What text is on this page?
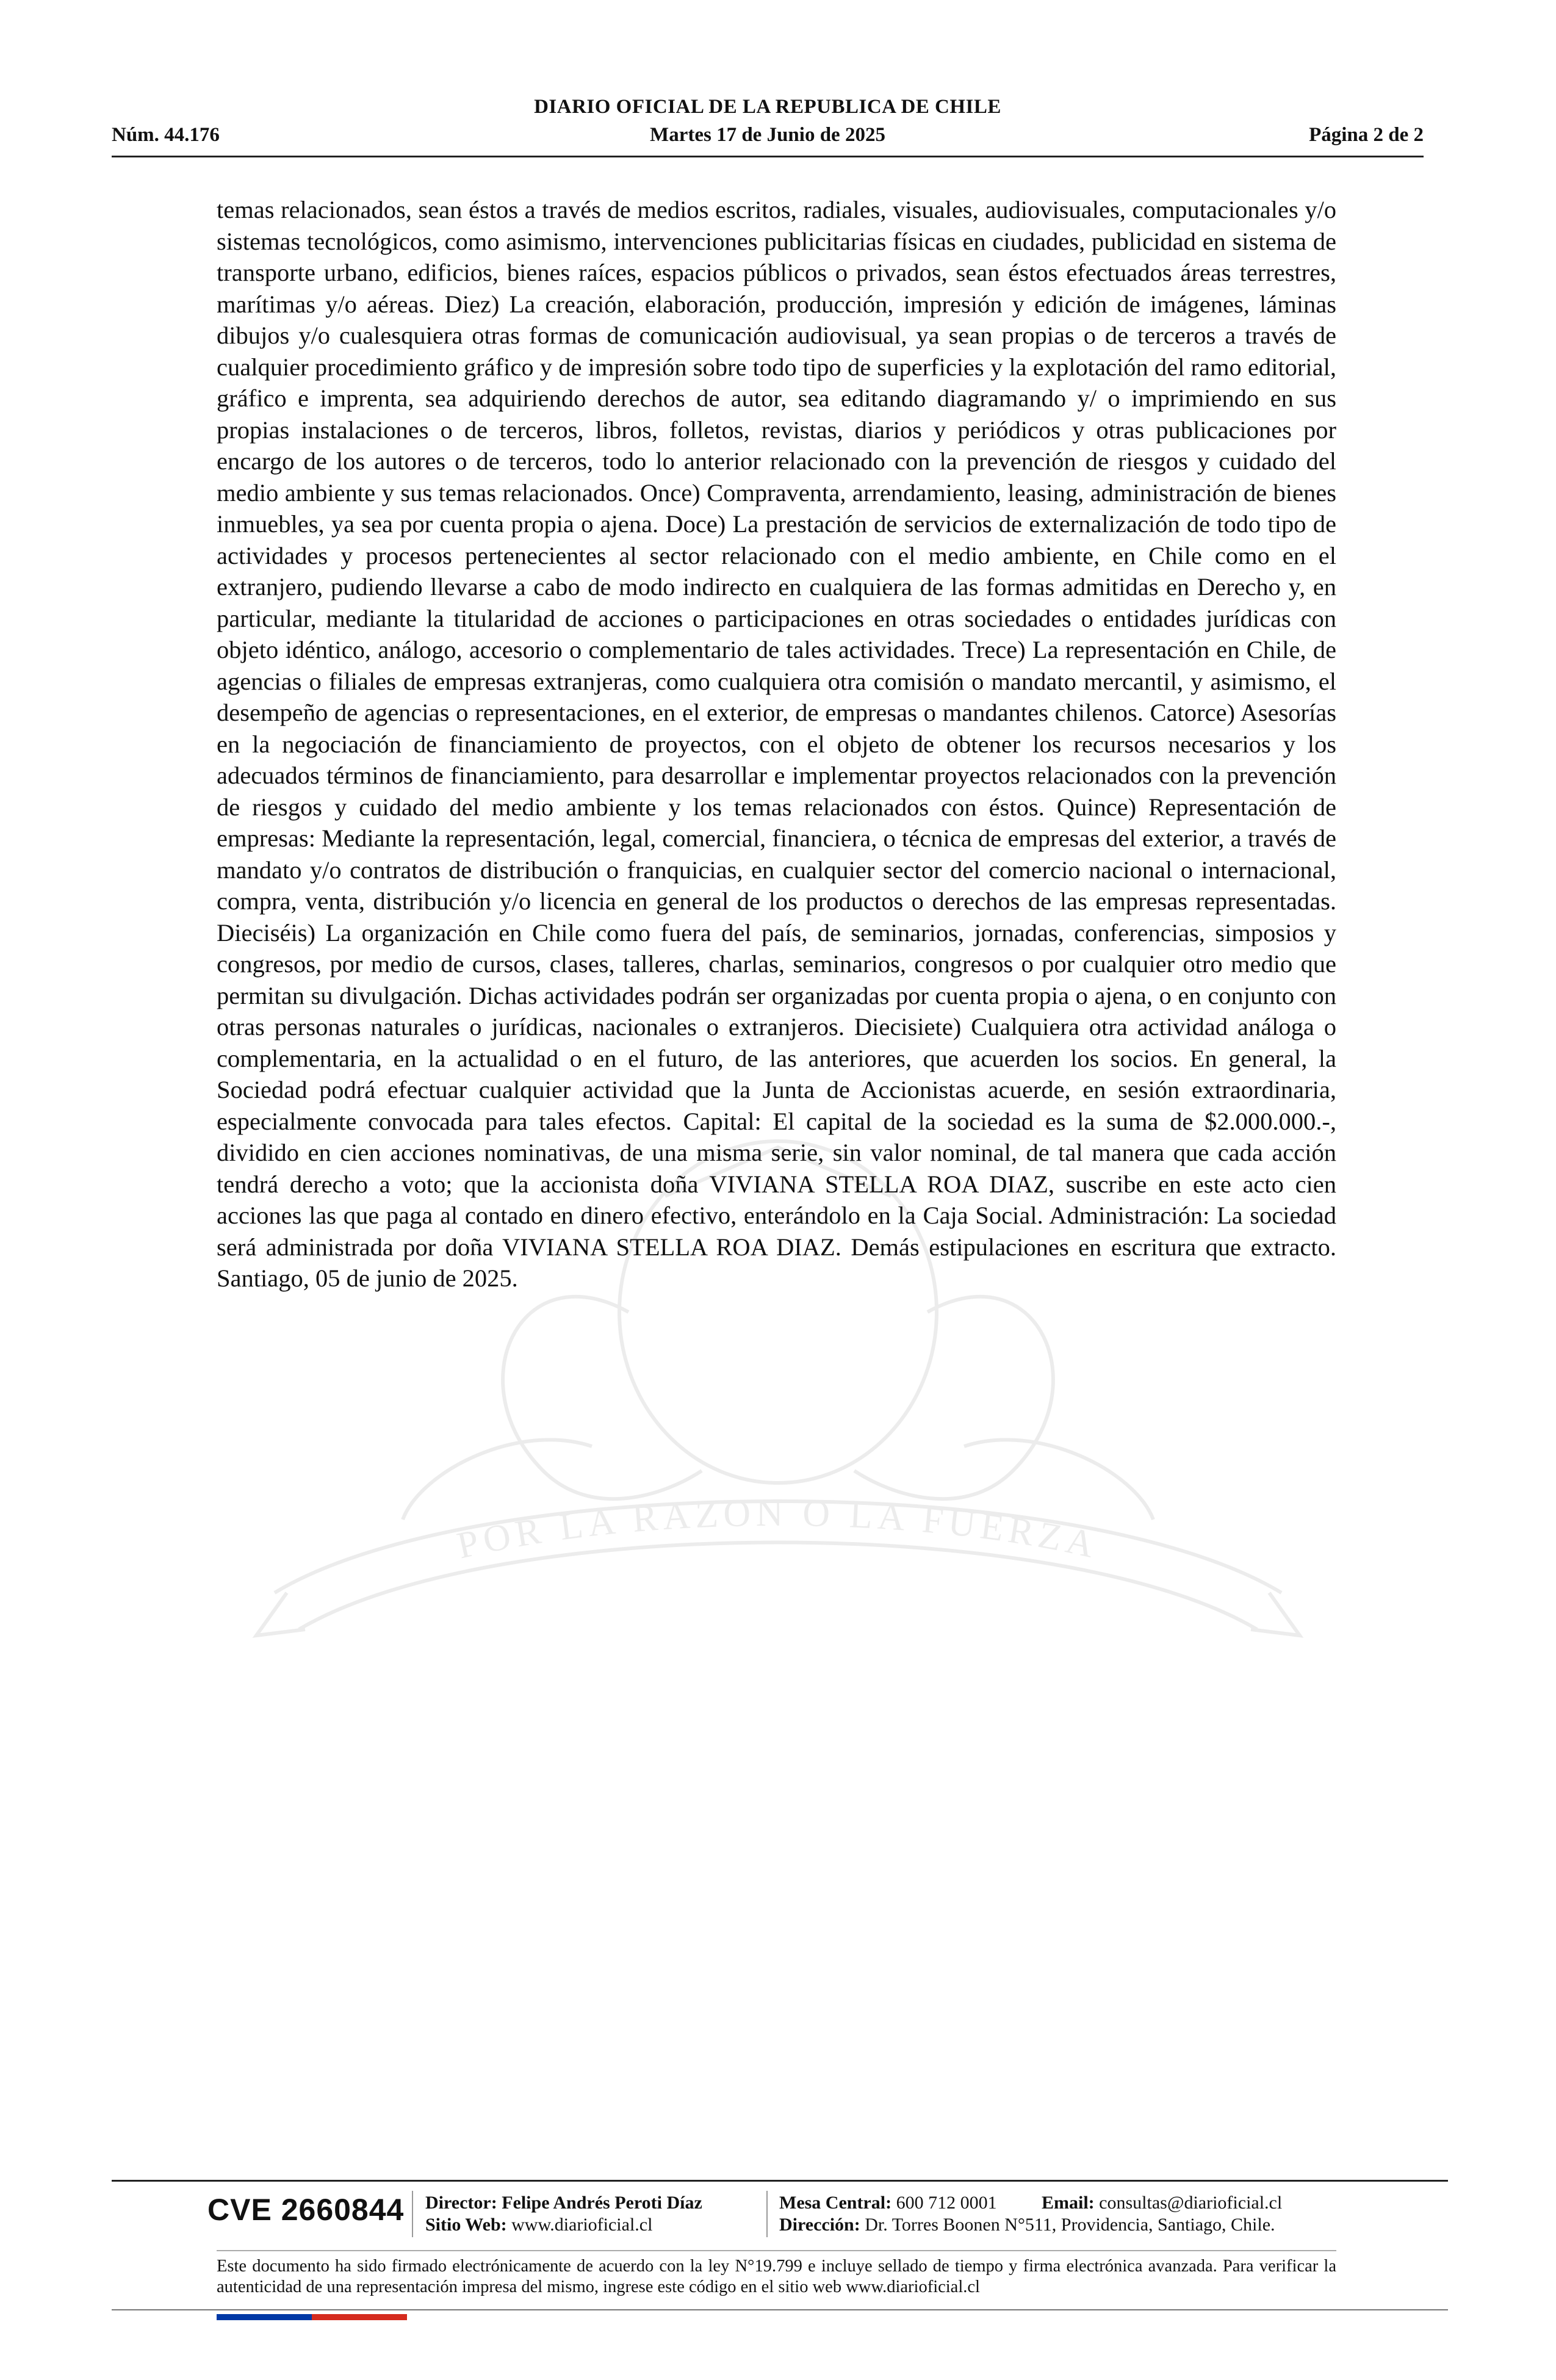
DIARIO OFICIAL DE LA REPUBLICA DE CHILE
Núm. 44.176	Martes 17 de Junio de 2025	Página 2 de 2
POR LA RAZON O LA FUERZA

temas relacionados, sean éstos a través de medios escritos, radiales, visuales, audiovisuales, computacionales y/o sistemas tecnológicos, como asimismo, intervenciones publicitarias físicas en ciudades, publicidad en sistema de transporte urbano, edificios, bienes raíces, espacios públicos o privados, sean éstos efectuados áreas terrestres, marítimas y/o aéreas. Diez) La creación, elaboración, producción, impresión y edición de imágenes, láminas dibujos y/o cualesquiera otras formas de comunicación audiovisual, ya sean propias o de terceros a través de cualquier procedimiento gráfico y de impresión sobre todo tipo de superficies y la explotación del ramo editorial, gráfico e imprenta, sea adquiriendo derechos de autor, sea editando diagramando y/ o imprimiendo en sus propias instalaciones o de terceros, libros, folletos, revistas, diarios y periódicos y otras publicaciones por encargo de los autores o de terceros, todo lo anterior relacionado con la prevención de riesgos y cuidado del medio ambiente y sus temas relacionados. Once) Compraventa, arrendamiento, leasing, administración de bienes inmuebles, ya sea por cuenta propia o ajena. Doce) La prestación de servicios de externalización de todo tipo de actividades y procesos pertenecientes al sector relacionado con el medio ambiente, en Chile como en el extranjero, pudiendo llevarse a cabo de modo indirecto en cualquiera de las formas admitidas en Derecho y, en particular, mediante la titularidad de acciones o participaciones en otras sociedades o entidades jurídicas con objeto idéntico, análogo, accesorio o complementario de tales actividades. Trece) La representación en Chile, de agencias o filiales de empresas extranjeras, como cualquiera otra comisión o mandato mercantil, y asimismo, el desempeño de agencias o representaciones, en el exterior, de empresas o mandantes chilenos. Catorce) Asesorías en la negociación de financiamiento de proyectos, con el objeto de obtener los recursos necesarios y los adecuados términos de financiamiento, para desarrollar e implementar proyectos relacionados con la prevención de riesgos y cuidado del medio ambiente y los temas relacionados con éstos. Quince) Representación de empresas: Mediante la representación, legal, comercial, financiera, o técnica de empresas del exterior, a través de mandato y/o contratos de distribución o franquicias, en cualquier sector del comercio nacional o internacional, compra, venta, distribución y/o licencia en general de los productos o derechos de las empresas representadas. Dieciséis) La organización en Chile como fuera del país, de seminarios, jornadas, conferencias, simposios y congresos, por medio de cursos, clases, talleres, charlas, seminarios, congresos o por cualquier otro medio que permitan su divulgación. Dichas actividades podrán ser organizadas por cuenta propia o ajena, o en conjunto con otras personas naturales o jurídicas, nacionales o extranjeros. Diecisiete) Cualquiera otra actividad análoga o complementaria, en la actualidad o en el futuro, de las anteriores, que acuerden los socios. En general, la Sociedad podrá efectuar cualquier actividad que la Junta de Accionistas acuerde, en sesión extraordinaria, especialmente convocada para tales efectos. Capital: El capital de la sociedad es la suma de $2.000.000.-, dividido en cien acciones nominativas, de una misma serie, sin valor nominal, de tal manera que cada acción tendrá derecho a voto; que la accionista doña VIVIANA STELLA ROA DIAZ, suscribe en este acto cien acciones las que paga al contado en dinero efectivo, enterándolo en la Caja Social. Administración: La sociedad será administrada por doña VIVIANA STELLA ROA DIAZ. Demás estipulaciones en escritura que extracto. Santiago, 05 de junio de 2025.

CVE 2660844 Director: Felipe Andrés Peroti Díaz
Sitio Web: www.diarioficial.cl
Mesa Central: 600 712 0001 Email: consultas@diarioficial.cl
Dirección: Dr. Torres Boonen N°511, Providencia, Santiago, Chile.

Este documento ha sido firmado electrónicamente de acuerdo con la ley N°19.799 e incluye sellado de tiempo y firma electrónica avanzada. Para verificar la autenticidad de una representación impresa del mismo, ingrese este código en el sitio web www.diarioficial.cl
